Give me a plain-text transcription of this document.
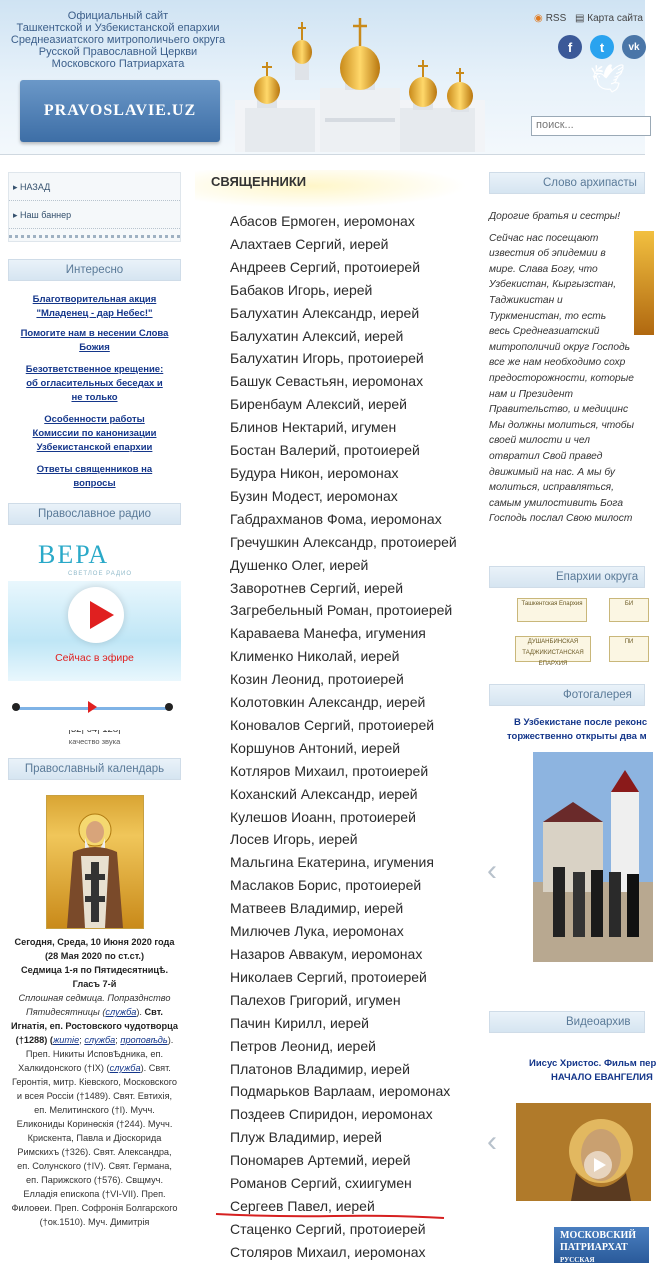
Официальный сайт
Ташкентской и Узбекистанской епархии
Среднеазиатского митрополичьего округа
Русской Православной Церкви
Московского Патриархата
PRAVOSLAVIE.UZ
◉ RSS ▤ Карта сайта
f	t	vk
🕊
поиск...
▸ НАЗАД
▸ Наш баннер
Интересно
Благотворительная акция "Младенец - дар Небес!"
Помогите нам в несении Слова Божия
Безответственное крещение: об огласительных беседах и не только
Особенности работы Комиссии по канонизации Узбекистанской епархии
Ответы священников на вопросы
Православное радио
ВЕРА
СВЕТЛОЕ РАДИО
Сейчас в эфире
качество звука
Православный календарь
Сегодня, Среда, 10 Июня 2020 года (28 Мая 2020 по ст.ст.)
Седмица 1-я по Пятидесятницѣ. Гласъ 7-й
Сплошная седмица. Попразднство Пятидесятницы (служба). Свт. Игнатія, еп. Ростовского чудотворца (†1288) (житіе; служба; проповѣдь). Преп. Никиты ИсповѢдника, еп. Халкидонского (†IX) (служба). Свят. Геронтія, митр. Кіевского, Московского и всея Россіи (†1489). Свят. Евтихія, еп. Мелитинского (†I). Мучч. Еликониды Коринѳскія (†244). Мучч. Крискента, Павла и Діоскорида Римскихъ (†326). Свят. Александра, еп. Солунского (†IV). Свят. Германа, еп. Парижского (†576). Свщмуч. Елладія епископа (†VI-VII). Преп. Филоѳеи. Преп. Софронія Болгарского (†ок.1510). Муч. Димитрія
СВЯЩЕННИКИ
Абасов Ермоген, иеромонах
Алахтаев Сергий, иерей
Андреев Сергий, протоиерей
Бабаков Игорь, иерей
Балухатин Александр, иерей
Балухатин Алексий, иерей
Балухатин Игорь, протоиерей
Башук Севастьян, иеромонах
Биренбаум Алексий, иерей
Блинов Нектарий, игумен
Бостан Валерий, протоиерей
Будура Никон, иеромонах
Бузин Модест, иеромонах
Габдрахманов Фома, иеромонах
Гречушкин Александр, протоиерей
Душенко Олег, иерей
Заворотнев Сергий, иерей
Загребельный Роман, протоиерей
Караваева Манефа, игумения
Клименко Николай, иерей
Козин Леонид, протоиерей
Колотовкин Александр, иерей
Коновалов Сергий, протоиерей
Коршунов Антоний, иерей
Котляров Михаил, протоиерей
Коханский Александр, иерей
Кулешов Иоанн, протоиерей
Лосев Игорь, иерей
Мальгина Екатерина, игумения
Маслаков Борис, протоиерей
Матвеев Владимир, иерей
Милючев Лука, иеромонах
Назаров Аввакум, иеромонах
Николаев Сергий, протоиерей
Палехов Григорий, игумен
Пачин Кирилл, иерей
Петров Леонид, иерей
Платонов Владимир, иерей
Подмарьков Варлаам, иеромонах
Поздеев Спиридон, иеромонах
Плуж Владимир, иерей
Пономарев Артемий, иерей
Романов Сергий, схиигумен
Сергеев Павел, иерей
Стаценко Сергий, протоиерей
Столяров Михаил, иеромонах
Слово архипасты
Дорогие братья и сестры!
Сейчас нас посещают
известия об эпидемии в
мире. Слава Богу, что
Узбекистан, Кыргызстан,
Таджикистан и
Туркменистан, то есть
весь Среднеазиатский
митрополичий округ Господь
все же нам необходимо сохр
предосторожности, которые
нам и Президент
Правительство, и медицинс
Мы должны молиться, чтобы
своей милости и чел
отвратил Свой правед
движимый на нас. А мы бу
молиться, исправляться,
самым умилостивить Бога
Господь послал Свою милост
Епархии округа
Ташкентская Епархия	БИ
ДУШАНБИНСКАЯ ТАДЖИКИСТАНСКАЯ ЕПАРХИЯ
ПИ
Фотогалерея
В Узбекистане после реконс
торжественно открыты два м
‹
Видеоархив
Иисус Христос. Фильм пер
НАЧАЛО ЕВАНГЕЛИЯ
‹
МОСКОВСКИЙ
ПАТРИАРХАТ
РУССКАЯ
